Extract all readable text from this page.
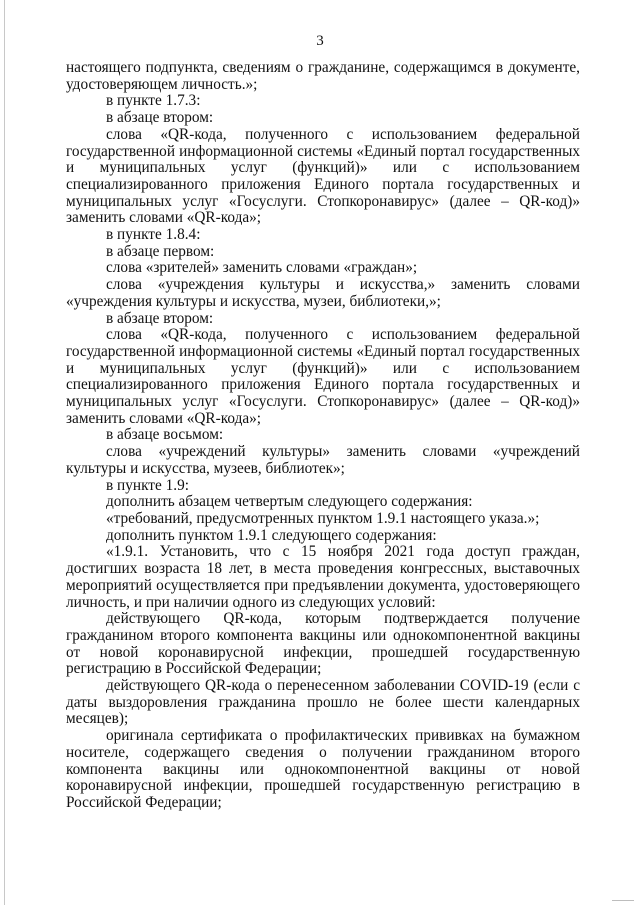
3

настоящего подпункта, сведениям о гражданине, содержащимся в документе, удостоверяющем личность.»;

в пункте 1.7.3:

в абзаце втором:

слова «QR-кода, полученного с использованием федеральной государственной информационной системы «Единый портал государственных и муниципальных услуг (функций)» или с использованием специализированного приложения Единого портала государственных и муниципальных услуг «Госуслуги. Стопкоронавирус» (далее – QR-код)» заменить словами «QR-кода»;

в пункте 1.8.4:

в абзаце первом:

слова «зрителей» заменить словами «граждан»;

слова «учреждения культуры и искусства,» заменить словами «учреждения культуры и искусства, музеи, библиотеки,»;

в абзаце втором:

слова «QR-кода, полученного с использованием федеральной государственной информационной системы «Единый портал государственных и муниципальных услуг (функций)» или с использованием специализированного приложения Единого портала государственных и муниципальных услуг «Госуслуги. Стопкоронавирус» (далее – QR-код)» заменить словами «QR-кода»;

в абзаце восьмом:

слова «учреждений культуры» заменить словами «учреждений культуры и искусства, музеев, библиотек»;

в пункте 1.9:

дополнить абзацем четвертым следующего содержания:

«требований, предусмотренных пунктом 1.9.1 настоящего указа.»;

дополнить пунктом 1.9.1 следующего содержания:

«1.9.1. Установить, что с 15 ноября 2021 года доступ граждан, достигших возраста 18 лет, в места проведения конгрессных, выставочных мероприятий осуществляется при предъявлении документа, удостоверяющего личность, и при наличии одного из следующих условий:

действующего QR-кода, которым подтверждается получение гражданином второго компонента вакцины или однокомпонентной вакцины от новой коронавирусной инфекции, прошедшей государственную регистрацию в Российской Федерации;

действующего QR-кода о перенесенном заболевании COVID-19 (если с даты выздоровления гражданина прошло не более шести календарных месяцев);

оригинала сертификата о профилактических прививках на бумажном носителе, содержащего сведения о получении гражданином второго компонента вакцины или однокомпонентной вакцины от новой коронавирусной инфекции, прошедшей государственную регистрацию в Российской Федерации;
